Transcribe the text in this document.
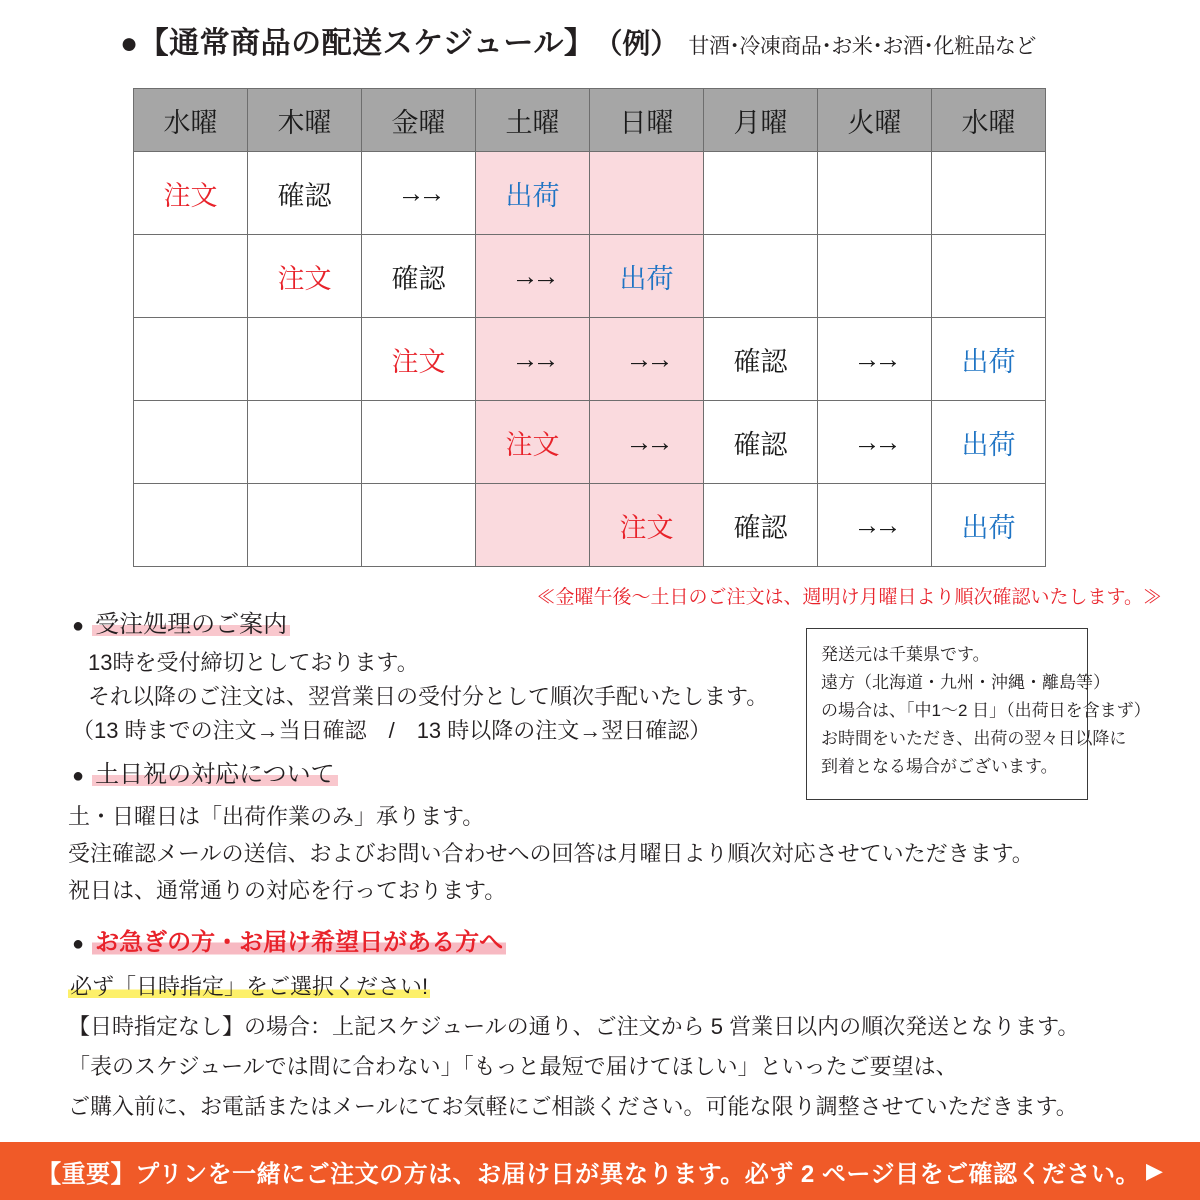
●【通常商品の配送スケジュール】 （例） 甘酒･冷凍商品･お米･お酒･化粧品など
水曜	木曜	金曜	土曜	日曜	月曜	火曜	水曜
注文	確認	→→	出荷				
	注文	確認	→→	出荷			
		注文	→→	→→	確認	→→	出荷
			注文	→→	確認	→→	出荷
				注文	確認	→→	出荷
≪金曜午後～土日のご注文は、週明け月曜日より順次確認いたします。≫
● 受注処理のご案内
13時を受付締切としております。
それ以降のご注文は、翌営業日の受付分として順次手配いたします。
（13 時までの注文→当日確認　/　13 時以降の注文→翌日確認）
● 土日祝の対応について
土・日曜日は「出荷作業のみ」承ります。
受注確認メールの送信、およびお問い合わせへの回答は月曜日より順次対応させていただきます。
祝日は、通常通りの対応を行っております。
● お急ぎの方・お届け希望日がある方へ
必ず「日時指定」をご選択ください!
【日時指定なし】の場合：上記スケジュールの通り、ご注文から 5 営業日以内の順次発送となります。
「表のスケジュールでは間に合わない」「もっと最短で届けてほしい」といったご要望は、
ご購入前に、お電話またはメールにてお気軽にご相談ください。可能な限り調整させていただきます。
発送元は千葉県です。
遠方（北海道・九州・沖縄・離島等）
の場合は、「中1～2 日」（出荷日を含まず）
お時間をいただき、出荷の翌々日以降に
到着となる場合がございます。
【重要】プリンを一緒にご注文の方は、お届け日が異なります。必ず 2 ページ目をご確認ください。 ▶
